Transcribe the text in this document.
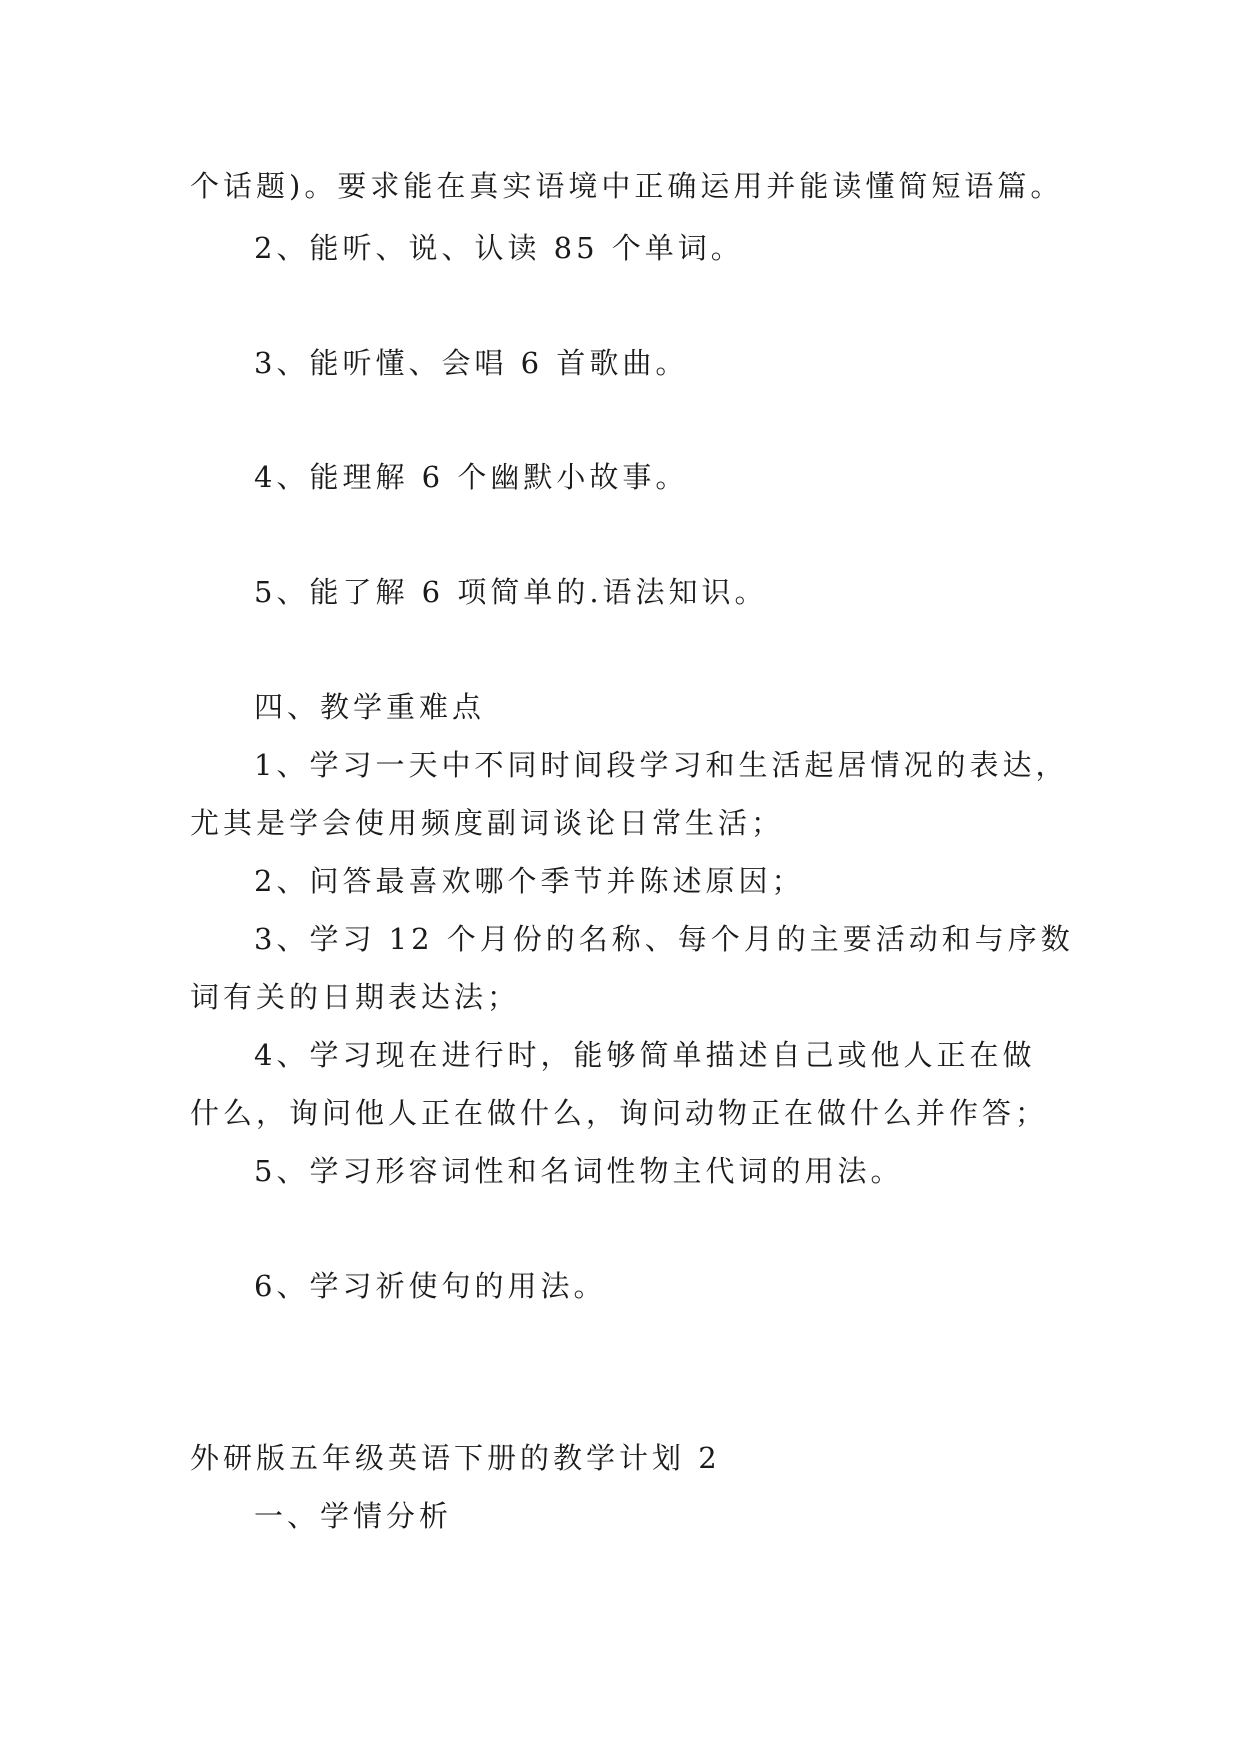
个话题)。要求能在真实语境中正确运用并能读懂简短语篇。
2、能听、说、认读 85 个单词。
3、能听懂、会唱 6 首歌曲。
4、能理解 6 个幽默小故事。
5、能了解 6 项简单的.语法知识。
四、教学重难点
1、学习一天中不同时间段学习和生活起居情况的表达，
尤其是学会使用频度副词谈论日常生活；
2、问答最喜欢哪个季节并陈述原因；
3、学习 12 个月份的名称、每个月的主要活动和与序数
词有关的日期表达法；
4、学习现在进行时，能够简单描述自己或他人正在做
什么，询问他人正在做什么，询问动物正在做什么并作答；
5、学习形容词性和名词性物主代词的用法。
6、学习祈使句的用法。
外研版五年级英语下册的教学计划 2
一、学情分析
